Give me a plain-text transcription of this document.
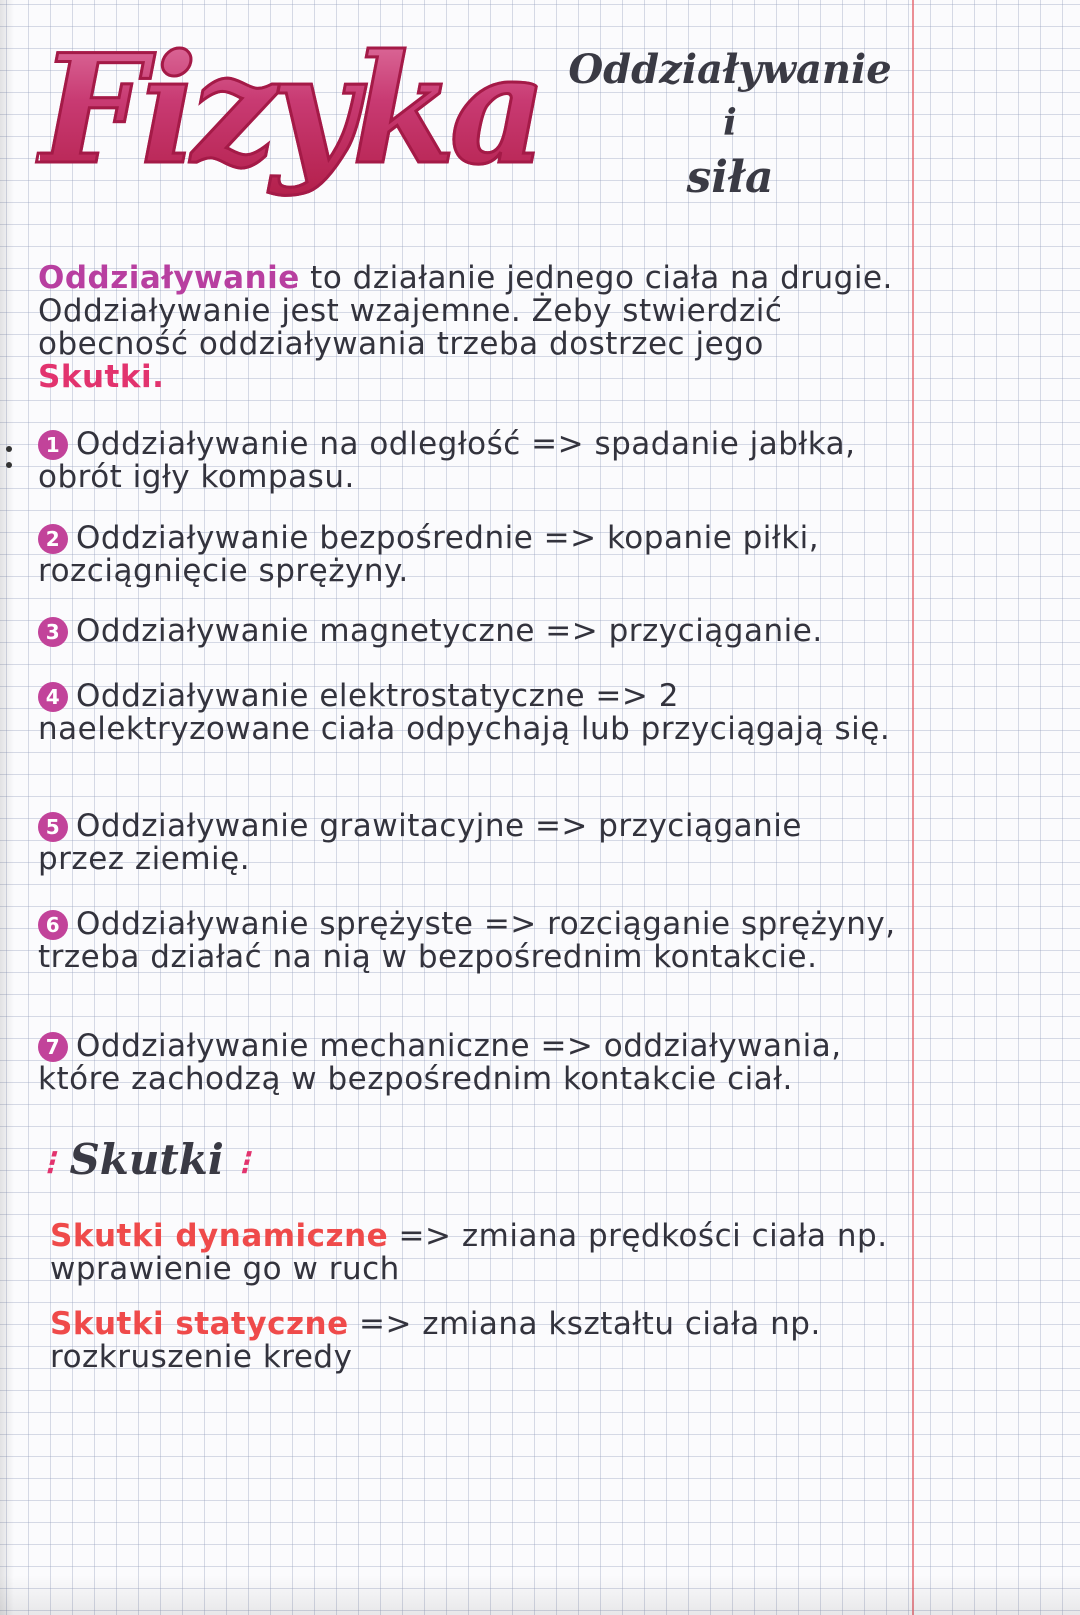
Fizyka Oddziaływanie
i
siła

Oddziaływanie to działanie jednego ciała na drugie. Oddziaływanie jest wzajemne. Żeby stwierdzić obecność oddziaływania trzeba dostrzec jego Skutki.

1 Oddziaływanie na odległość => spadanie jabłka, obrót igły kompasu.

2 Oddziaływanie bezpośrednie => kopanie piłki, rozciągnięcie sprężyny.

3 Oddziaływanie magnetyczne => przyciąganie.

4 Oddziaływanie elektrostatyczne => 2 naelektryzowane ciała odpychają lub przyciągają się.

5 Oddziaływanie grawitacyjne => przyciąganie przez ziemię.

6 Oddziaływanie sprężyste => rozciąganie sprężyny, trzeba działać na nią w bezpośrednim kontakcie.

7 Oddziaływanie mechaniczne => oddziaływania, które zachodzą w bezpośrednim kontakcie ciał.

⁝ Skutki ⁝

Skutki dynamiczne => zmiana prędkości ciała np. wprawienie go w ruch

Skutki statyczne => zmiana kształtu ciała np. rozkruszenie kredy
